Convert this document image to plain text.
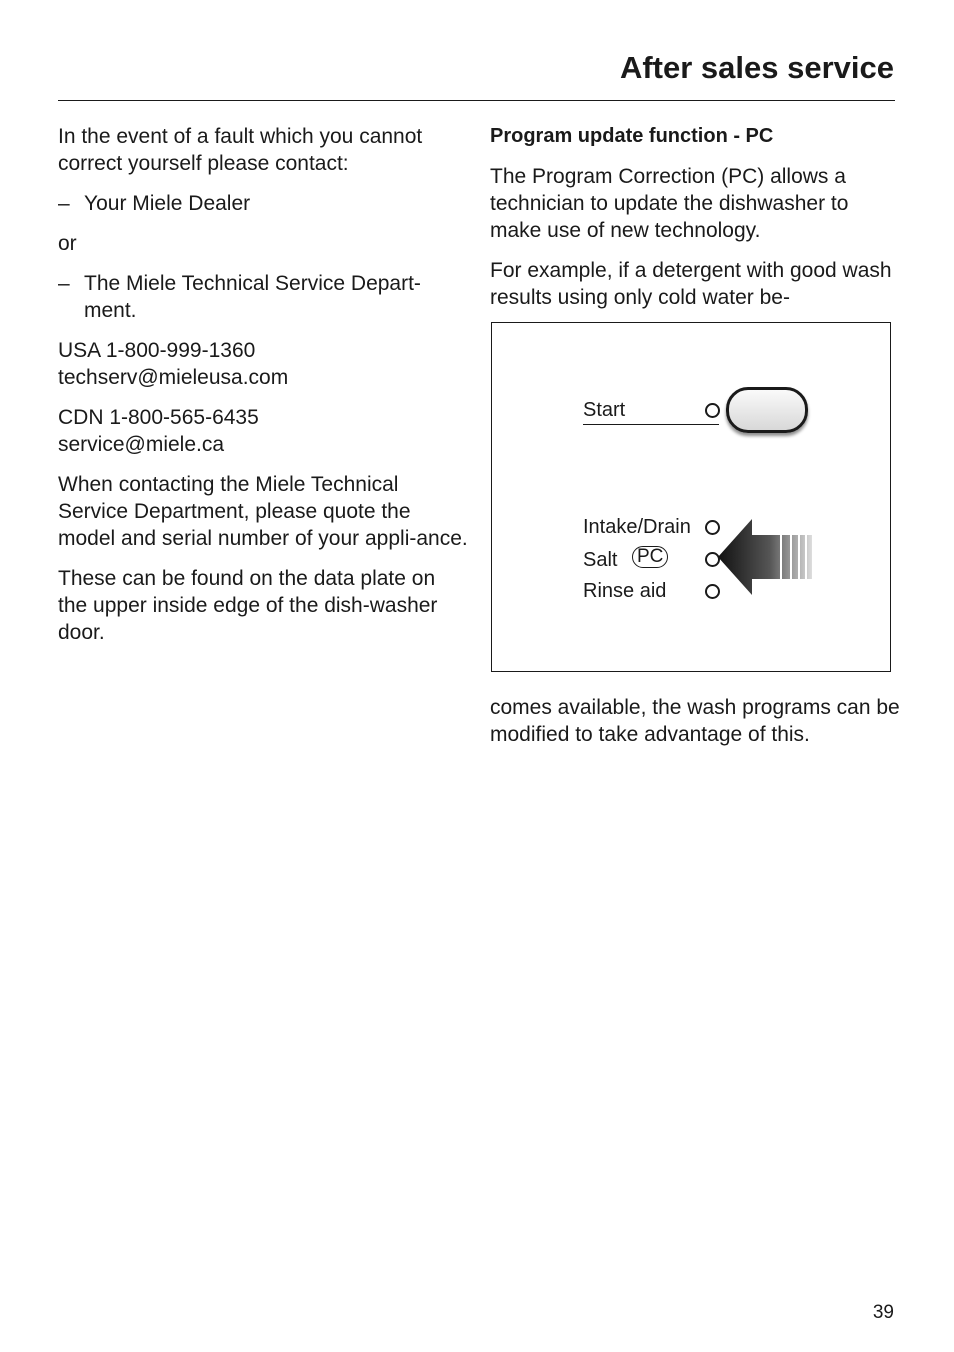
After sales service

In the event of a fault which you cannot correct yourself please contact:

– Your Miele Dealer

or

– The Miele Technical Service Depart-ment.

USA 1-800-999-1360

techserv@mieleusa.com

CDN 1-800-565-6435

service@miele.ca

When contacting the Miele Technical Service Department, please quote the model and serial number of your appli-ance.

These can be found on the data plate on the upper inside edge of the dish-washer door.

Program update function - PC

The Program Correction (PC) allows a technician to update the dishwasher to make use of new technology.

For example, if a detergent with good wash results using only cold water be-

Start
Intake/Drain
Salt PC
Rinse aid

comes available, the wash programs can be modified to take advantage of this.

39
